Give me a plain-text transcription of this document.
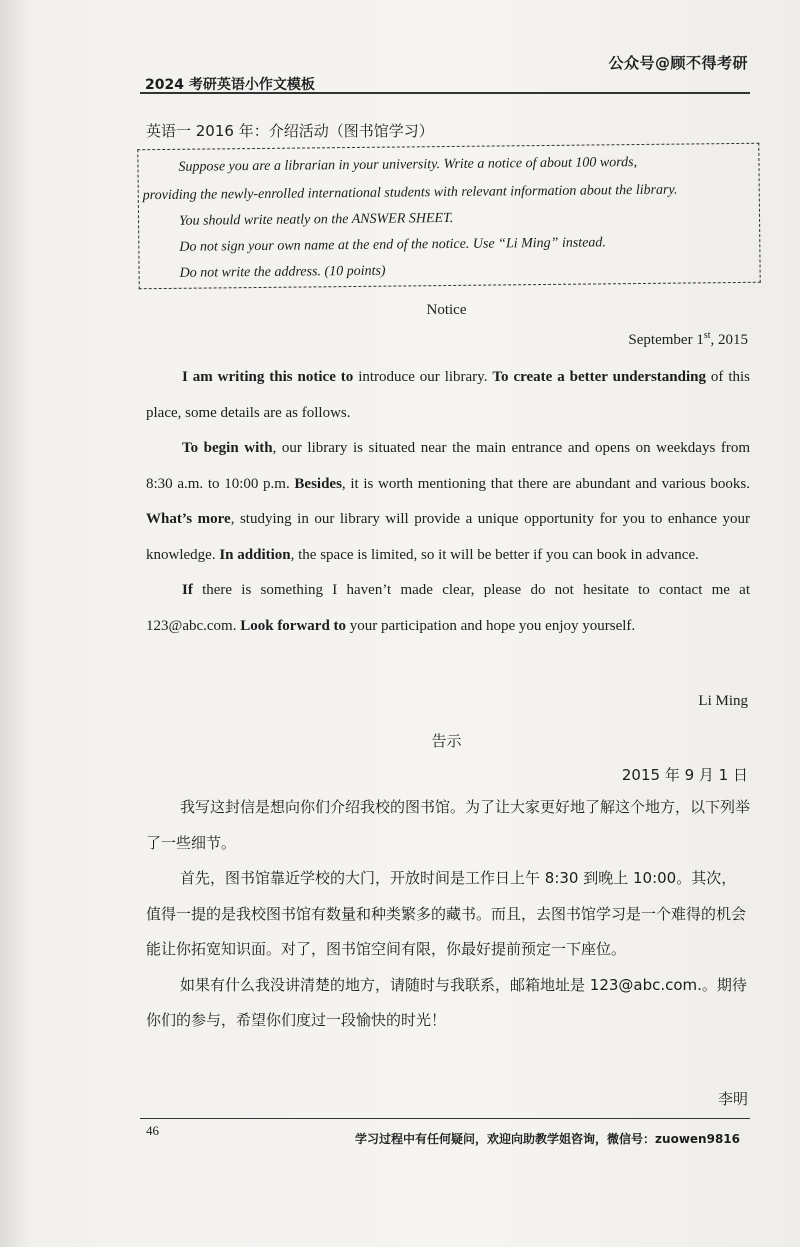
公众号@顾不得考研
2024 考研英语小作文模板
英语一 2016 年：介绍活动（图书馆学习）
Suppose you are a librarian in your university. Write a notice of about 100 words,
providing the newly-enrolled international students with relevant information about the library.
You should write neatly on the ANSWER SHEET.
Do not sign your own name at the end of the notice. Use “Li Ming” instead.
Do not write the address. (10 points)
Notice
September 1st, 2015

I am writing this notice to introduce our library. To create a better understanding of this place, some details are as follows.

To begin with, our library is situated near the main entrance and opens on weekdays from 8:30 a.m. to 10:00 p.m. Besides, it is worth mentioning that there are abundant and various books. What’s more, studying in our library will provide a unique opportunity for you to enhance your knowledge. In addition, the space is limited, so it will be better if you can book in advance.

If there is something I haven’t made clear, please do not hesitate to contact me at 123@abc.com. Look forward to your participation and hope you enjoy yourself.

Li Ming
告示
2015 年 9 月 1 日

我写这封信是想向你们介绍我校的图书馆。为了让大家更好地了解这个地方，以下列举了一些细节。

首先，图书馆靠近学校的大门，开放时间是工作日上午 8:30 到晚上 10:00。其次，值得一提的是我校图书馆有数量和种类繁多的藏书。而且，去图书馆学习是一个难得的机会能让你拓宽知识面。对了，图书馆空间有限，你最好提前预定一下座位。

如果有什么我没讲清楚的地方，请随时与我联系，邮箱地址是 123@abc.com.。期待你们的参与，希望你们度过一段愉快的时光！

李明
46
学习过程中有任何疑问，欢迎向助教学姐咨询，微信号：zuowen9816
